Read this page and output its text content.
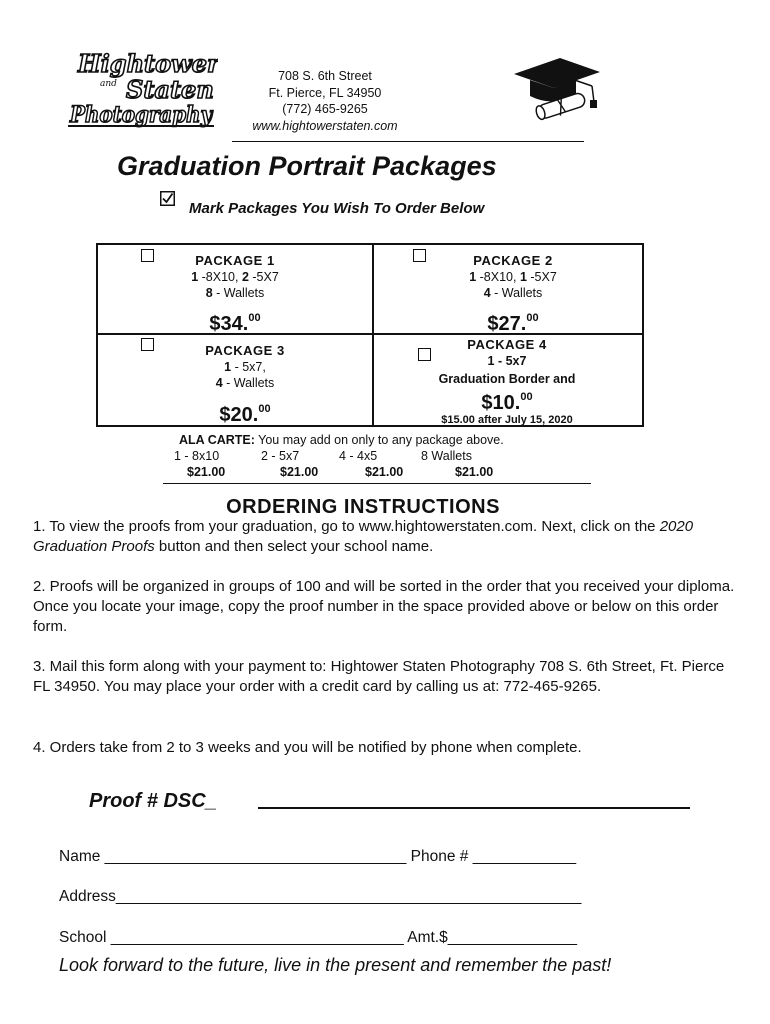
Hightower
and Staten
Photography
708 S. 6th Street
Ft. Pierce, FL 34950
(772) 465-9265
www.hightowerstaten.com
Graduation Portrait Packages
Mark Packages You Wish To Order Below
PACKAGE 1
1 -8X10, 2 -5X7
8 - Wallets
$34.00
PACKAGE 2
1 -8X10, 1 -5X7
4 - Wallets
$27.00
PACKAGE 3
1 - 5x7,
4 - Wallets
$20.00
PACKAGE 4
1 - 5x7
Graduation Border and
$10.00
$15.00 after July 15, 2020
ALA CARTE: You may add on only to any package above.
1 - 8x10	2 - 5x7	4 - 4x5	8 Wallets
$21.00	$21.00	$21.00	$21.00
ORDERING INSTRUCTIONS
1. To view the proofs from your graduation, go to www.hightowerstaten.com. Next, click on the 2020 Graduation Proofs button and then select your school name.
2. Proofs will be organized in groups of 100 and will be sorted in the order that you received your diploma. Once you locate your image, copy the proof number in the space provided above or below on this order form.
3. Mail this form along with your payment to: Hightower Staten Photography 708 S. 6th Street, Ft. Pierce FL 34950. You may place your order with a credit card by calling us at: 772-465-9265.
4. Orders take from 2 to 3 weeks and you will be notified by phone when complete.
Proof # DSC_
Name ___________________________________ Phone # ____________
Address______________________________________________________
School __________________________________ Amt.$_______________
Look forward to the future, live in the present and remember the past!
